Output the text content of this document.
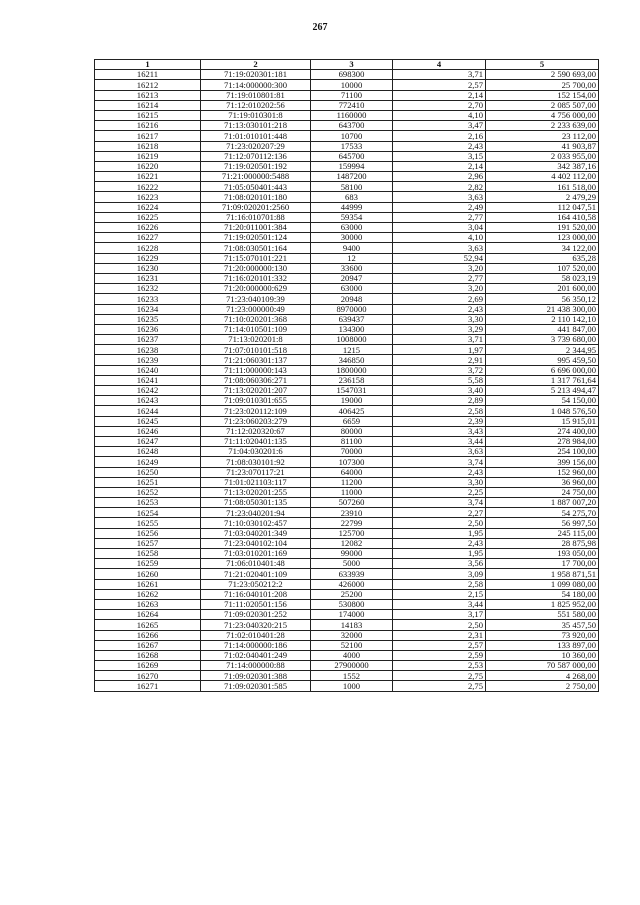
267
1	2	3	4	5
16211	71:19:020301:181	698300	3,71	2 590 693,00
16212	71:14:000000:300	10000	2,57	25 700,00
16213	71:19:010801:81	71100	2,14	152 154,00
16214	71:12:010202:56	772410	2,70	2 085 507,00
16215	71:19:010301:8	1160000	4,10	4 756 000,00
16216	71:13:030101:218	643700	3,47	2 233 639,00
16217	71:01:010101:448	10700	2,16	23 112,00
16218	71:23:020207:29	17533	2,43	41 903,87
16219	71:12:070112:136	645700	3,15	2 033 955,00
16220	71:19:020501:192	159994	2,14	342 387,16
16221	71:21:000000:5488	1487200	2,96	4 402 112,00
16222	71:05:050401:443	58100	2,82	161 518,00
16223	71:08:020101:180	683	3,63	2 479,29
16224	71:09:020201:2560	44999	2,49	112 047,51
16225	71:16:010701:88	59354	2,77	164 410,58
16226	71:20:011001:384	63000	3,04	191 520,00
16227	71:19:020501:124	30000	4,10	123 000,00
16228	71:08:030501:164	9400	3,63	34 122,00
16229	71:15:070101:221	12	52,94	635,28
16230	71:20:000000:130	33600	3,20	107 520,00
16231	71:16:020101:332	20947	2,77	58 023,19
16232	71:20:000000:629	63000	3,20	201 600,00
16233	71:23:040109:39	20948	2,69	56 350,12
16234	71:23:000000:49	8970000	2,43	21 438 300,00
16235	71:10:020201:368	639437	3,30	2 110 142,10
16236	71:14:010501:109	134300	3,29	441 847,00
16237	71:13:020201:8	1008000	3,71	3 739 680,00
16238	71:07:010101:518	1215	1,97	2 344,95
16239	71:21:060301:137	346850	2,91	995 459,50
16240	71:11:000000:143	1800000	3,72	6 696 000,00
16241	71:08:060306:271	236158	5,58	1 317 761,64
16242	71:13:020201:207	1547031	3,40	5 213 494,47
16243	71:09:010301:655	19000	2,89	54 150,00
16244	71:23:020112:109	406425	2,58	1 048 576,50
16245	71:23:060203:279	6659	2,39	15 915,01
16246	71:12:020320:67	80000	3,43	274 400,00
16247	71:11:020401:135	81100	3,44	278 984,00
16248	71:04:030201:6	70000	3,63	254 100,00
16249	71:08:030101:92	107300	3,74	399 156,00
16250	71:23:070117:21	64000	2,43	152 960,00
16251	71:01:021103:117	11200	3,30	36 960,00
16252	71:13:020201:255	11000	2,25	24 750,00
16253	71:08:050301:135	507260	3,74	1 887 007,20
16254	71:23:040201:94	23910	2,27	54 275,70
16255	71:10:030102:457	22799	2,50	56 997,50
16256	71:03:040201:349	125700	1,95	245 115,00
16257	71:23:040102:104	12082	2,43	28 875,98
16258	71:03:010201:169	99000	1,95	193 050,00
16259	71:06:010401:48	5000	3,56	17 700,00
16260	71:21:020401:109	633939	3,09	1 958 871,51
16261	71:23:050212:2	426000	2,58	1 099 080,00
16262	71:16:040101:208	25200	2,15	54 180,00
16263	71:11:020501:156	530800	3,44	1 825 952,00
16264	71:09:020301:252	174000	3,17	551 580,00
16265	71:23:040320:215	14183	2,50	35 457,50
16266	71:02:010401:28	32000	2,31	73 920,00
16267	71:14:000000:186	52100	2,57	133 897,00
16268	71:02:040401:249	4000	2,59	10 360,00
16269	71:14:000000:88	27900000	2,53	70 587 000,00
16270	71:09:020301:388	1552	2,75	4 268,00
16271	71:09:020301:585	1000	2,75	2 750,00
